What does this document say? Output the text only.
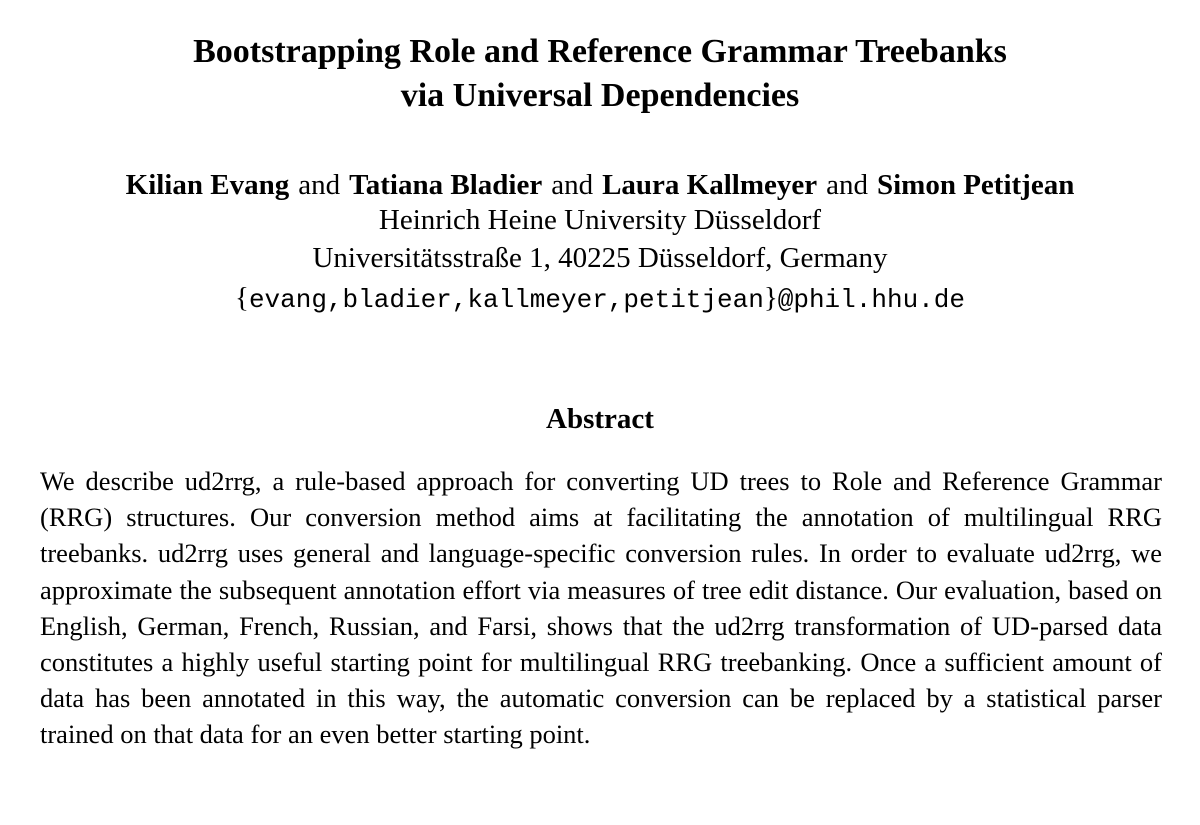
Bootstrapping Role and Reference Grammar Treebanks
via Universal Dependencies
Kilian Evang and Tatiana Bladier and Laura Kallmeyer and Simon Petitjean
Heinrich Heine University Düsseldorf
Universitätsstraße 1, 40225 Düsseldorf, Germany
{evang,bladier,kallmeyer,petitjean}@phil.hhu.de
Abstract

We describe ud2rrg, a rule-based approach for converting UD trees to Role and Reference Grammar (RRG) structures. Our conversion method aims at facilitating the annotation of multilingual RRG treebanks. ud2rrg uses general and language-specific conversion rules. In order to evaluate ud2rrg, we approximate the subsequent annotation effort via measures of tree edit distance. Our evaluation, based on English, German, French, Russian, and Farsi, shows that the ud2rrg transformation of UD-parsed data constitutes a highly useful starting point for multilingual RRG treebanking. Once a sufficient amount of data has been annotated in this way, the automatic conversion can be replaced by a statistical parser trained on that data for an even better starting point.
